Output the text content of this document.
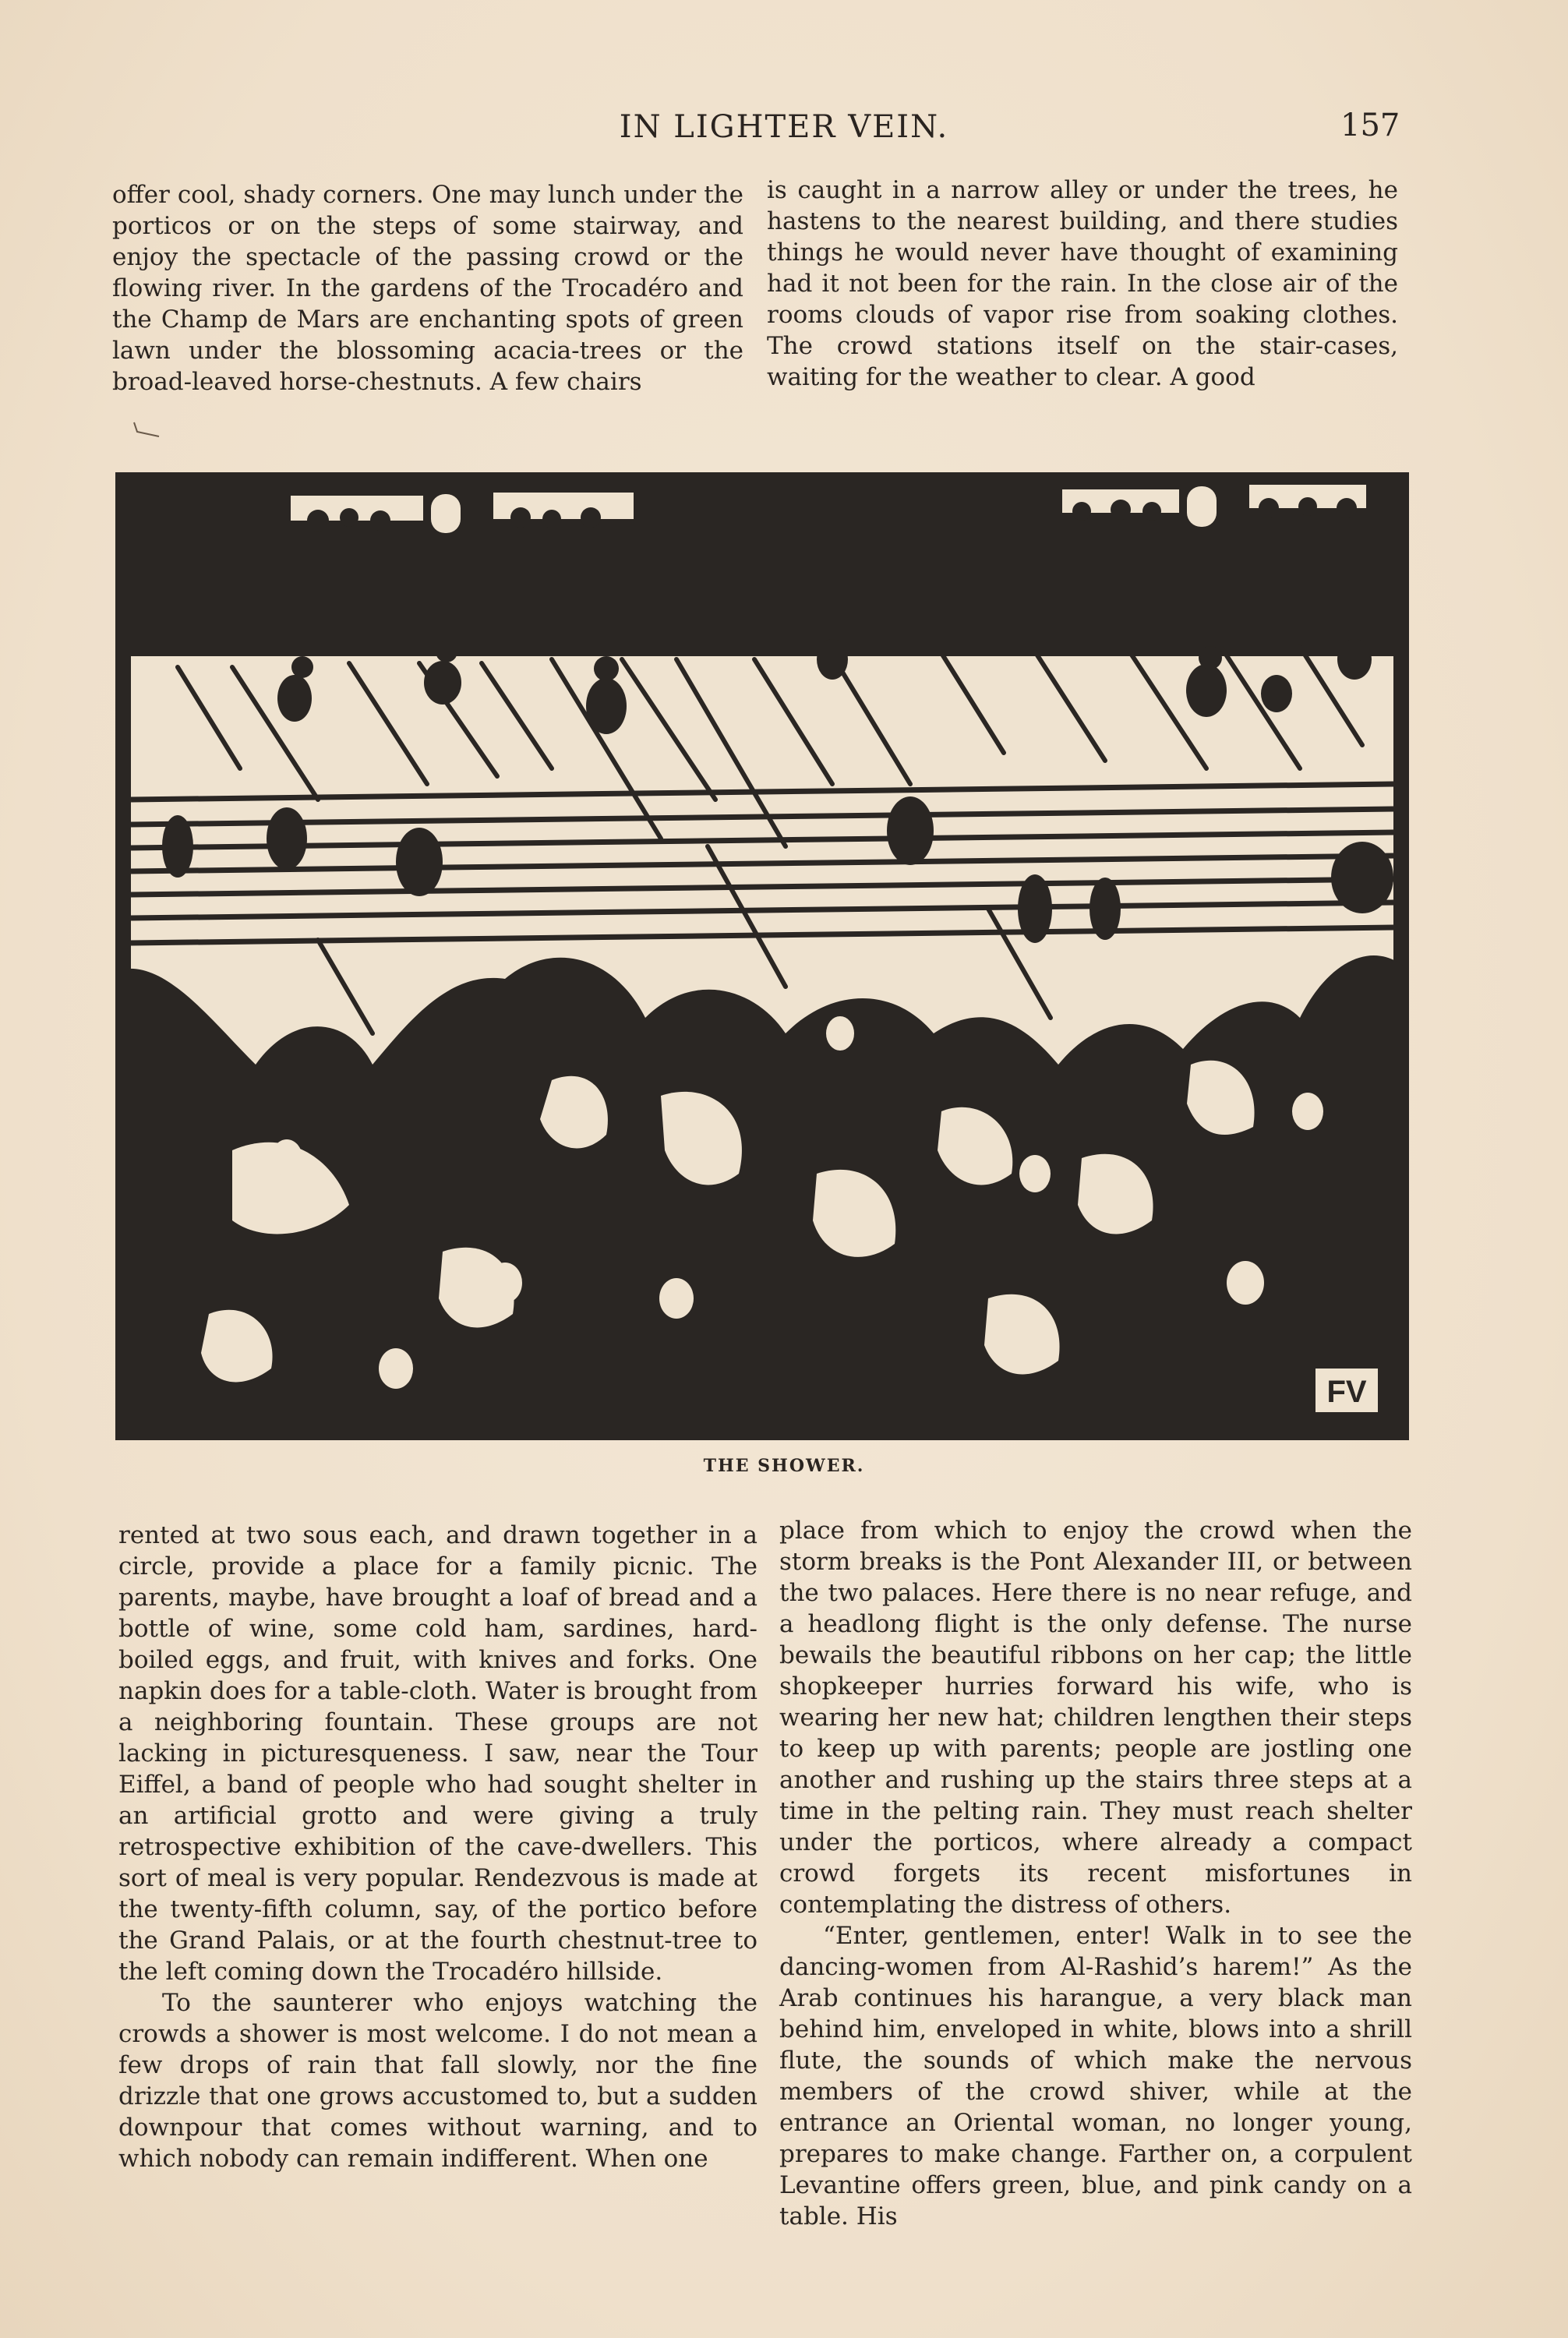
IN LIGHTER VEIN.	157

offer cool, shady corners. One may lunch under the porticos or on the steps of some stairway, and enjoy the spectacle of the passing crowd or the flowing river. In the gardens of the Trocadéro and the Champ de Mars are enchanting spots of green lawn under the blossoming acacia-trees or the broad-leaved horse-chestnuts. A few chairs

is caught in a narrow alley or under the trees, he hastens to the nearest building, and there studies things he would never have thought of examining had it not been for the rain. In the close air of the rooms clouds of vapor rise from soaking clothes. The crowd stations itself on the stair-cases, waiting for the weather to clear. A good

FV
THE SHOWER.

rented at two sous each, and drawn together in a circle, provide a place for a family picnic. The parents, maybe, have brought a loaf of bread and a bottle of wine, some cold ham, sardines, hard-boiled eggs, and fruit, with knives and forks. One napkin does for a table-cloth. Water is brought from a neighboring fountain. These groups are not lacking in picturesqueness. I saw, near the Tour Eiffel, a band of people who had sought shelter in an artificial grotto and were giving a truly retrospective exhibition of the cave-dwellers. This sort of meal is very popular. Rendezvous is made at the twenty-fifth column, say, of the portico before the Grand Palais, or at the fourth chestnut-tree to the left coming down the Trocadéro hillside.

To the saunterer who enjoys watching the crowds a shower is most welcome. I do not mean a few drops of rain that fall slowly, nor the fine drizzle that one grows accustomed to, but a sudden downpour that comes without warning, and to which nobody can remain indifferent. When one

place from which to enjoy the crowd when the storm breaks is the Pont Alexander III, or between the two palaces. Here there is no near refuge, and a headlong flight is the only defense. The nurse bewails the beautiful ribbons on her cap; the little shopkeeper hurries forward his wife, who is wearing her new hat; children lengthen their steps to keep up with parents; people are jostling one another and rushing up the stairs three steps at a time in the pelting rain. They must reach shelter under the porticos, where already a compact crowd forgets its recent misfortunes in contemplating the distress of others.

“Enter, gentlemen, enter! Walk in to see the dancing-women from Al-Rashid’s harem!” As the Arab continues his harangue, a very black man behind him, enveloped in white, blows into a shrill flute, the sounds of which make the nervous members of the crowd shiver, while at the entrance an Oriental woman, no longer young, prepares to make change. Farther on, a corpulent Levantine offers green, blue, and pink candy on a table. His
